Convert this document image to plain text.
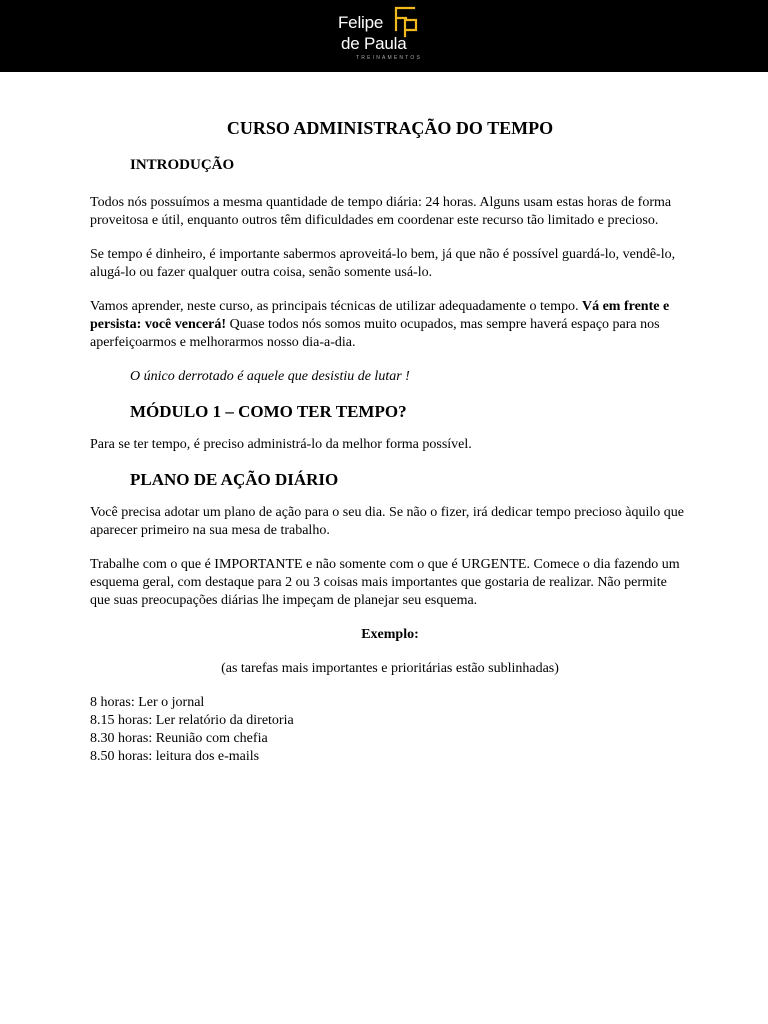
Felipe
de Paula
TREINAMENTOS
CURSO ADMINISTRAÇÃO DO TEMPO
INTRODUÇÃO

Todos nós possuímos a mesma quantidade de tempo diária: 24 horas. Alguns usam estas horas de forma proveitosa e útil, enquanto outros têm dificuldades em coordenar este recurso tão limitado e precioso.

Se tempo é dinheiro, é importante sabermos aproveitá-lo bem, já que não é possível guardá-lo, vendê-lo, alugá-lo ou fazer qualquer outra coisa, senão somente usá-lo.

Vamos aprender, neste curso, as principais técnicas de utilizar adequadamente o tempo. Vá em frente e persista: você vencerá! Quase todos nós somos muito ocupados, mas sempre haverá espaço para nos aperfeiçoarmos e melhorarmos nosso dia-a-dia.

O único derrotado é aquele que desistiu de lutar !
MÓDULO 1 – COMO TER TEMPO?

Para se ter tempo, é preciso administrá-lo da melhor forma possível.

PLANO DE AÇÃO DIÁRIO

Você precisa adotar um plano de ação para o seu dia. Se não o fizer, irá dedicar tempo precioso àquilo que aparecer primeiro na sua mesa de trabalho.

Trabalhe com o que é IMPORTANTE e não somente com o que é URGENTE. Comece o dia fazendo um esquema geral, com destaque para 2 ou 3 coisas mais importantes que gostaria de realizar. Não permite que suas preocupações diárias lhe impeçam de planejar seu esquema.

Exemplo:

(as tarefas mais importantes e prioritárias estão sublinhadas)

8 horas: Ler o jornal
8.15 horas: Ler relatório da diretoria
8.30 horas: Reunião com chefia
8.50 horas: leitura dos e-mails
